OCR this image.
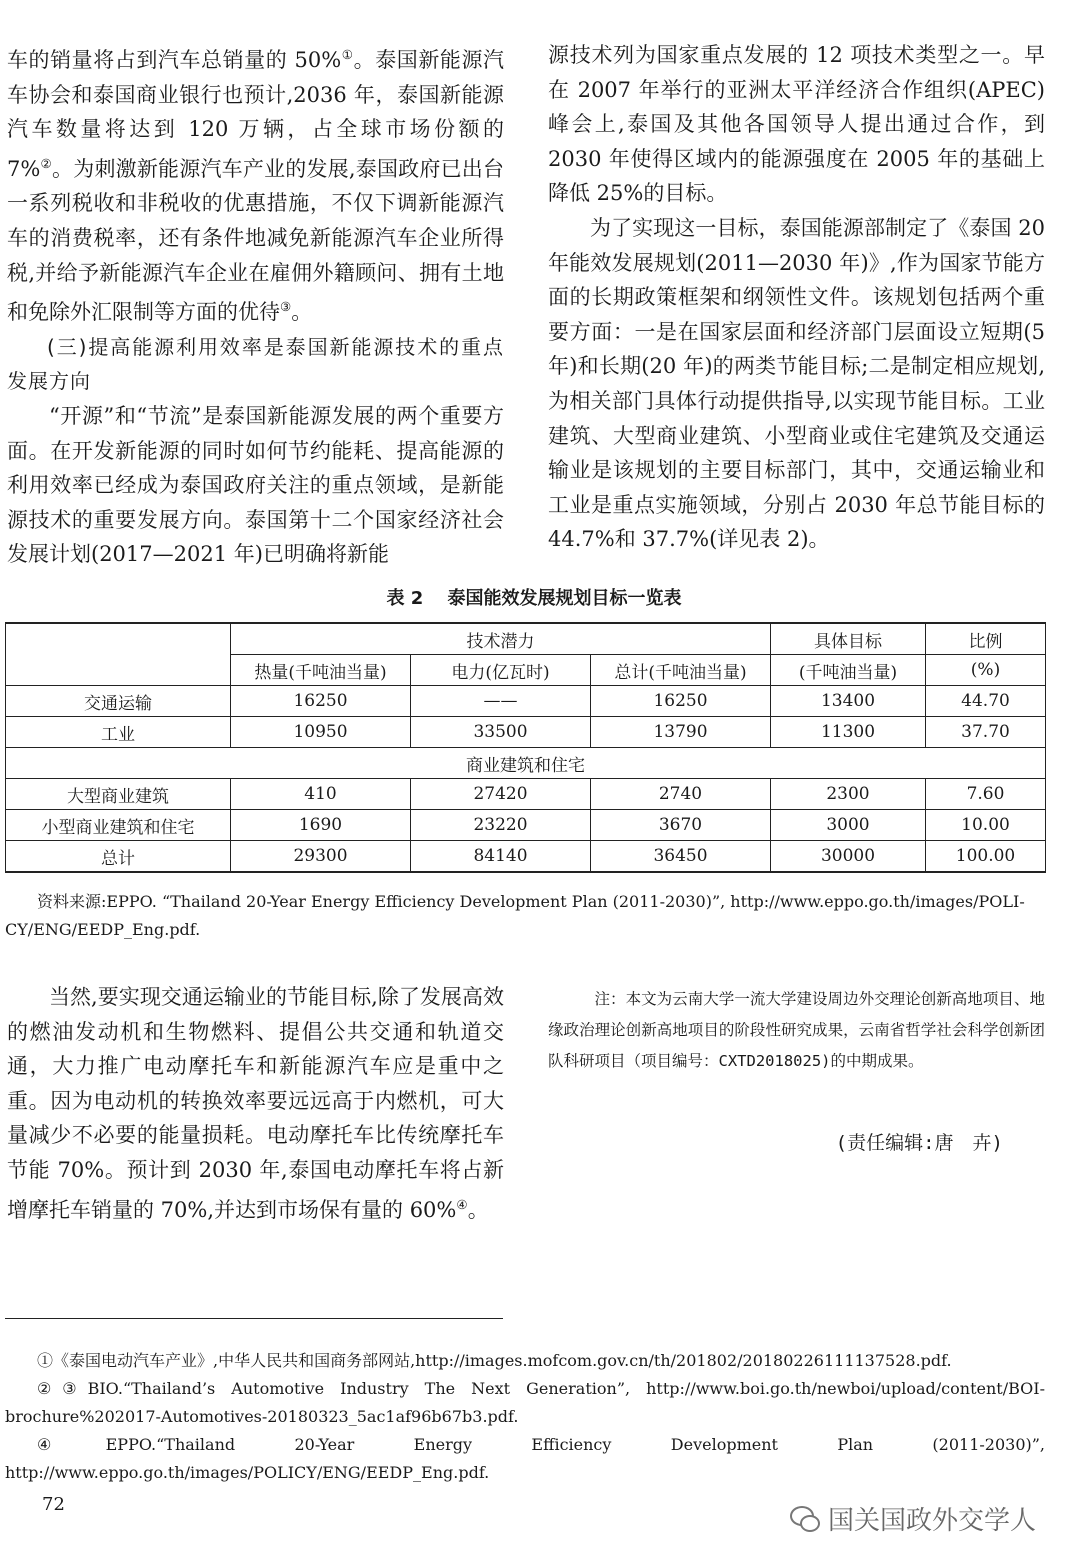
车的销量将占到汽车总销量的 50%①。泰国新能源汽车协会和泰国商业银行也预计,2036 年，泰国新能源汽车数量将达到 120 万辆，占全球市场份额的 7%②。为刺激新能源汽车产业的发展,泰国政府已出台一系列税收和非税收的优惠措施，不仅下调新能源汽车的消费税率，还有条件地减免新能源汽车企业所得税,并给予新能源汽车企业在雇佣外籍顾问、拥有土地和免除外汇限制等方面的优待③。

(三)提高能源利用效率是泰国新能源技术的重点发展方向

“开源”和“节流”是泰国新能源发展的两个重要方面。在开发新能源的同时如何节约能耗、提高能源的利用效率已经成为泰国政府关注的重点领域，是新能源技术的重要发展方向。泰国第十二个国家经济社会发展计划(2017—2021 年)已明确将新能

源技术列为国家重点发展的 12 项技术类型之一。早在 2007 年举行的亚洲太平洋经济合作组织(APEC)峰会上,泰国及其他各国领导人提出通过合作，到 2030 年使得区域内的能源强度在 2005 年的基础上降低 25%的目标。

为了实现这一目标，泰国能源部制定了《泰国 20 年能效发展规划(2011—2030 年)》,作为国家节能方面的长期政策框架和纲领性文件。该规划包括两个重要方面：一是在国家层面和经济部门层面设立短期(5 年)和长期(20 年)的两类节能目标;二是制定相应规划,为相关部门具体行动提供指导,以实现节能目标。工业建筑、大型商业建筑、小型商业或住宅建筑及交通运输业是该规划的主要目标部门，其中，交通运输业和工业是重点实施领域，分别占 2030 年总节能目标的 44.7%和 37.7%(详见表 2)。

表 2　 泰国能效发展规划目标一览表
	技术潜力			具体目标	比例
	热量(千吨油当量)	电力(亿瓦时)	总计(千吨油当量)	(千吨油当量)	(%)
交通运输	16250	——	16250	13400	44.70
工业	10950	33500	13790	11300	37.70
商业建筑和住宅					
大型商业建筑	410	27420	2740	2300	7.60
小型商业建筑和住宅	1690	23220	3670	3000	10.00
总计	29300	84140	36450	30000	100.00
资料来源:EPPO. “Thailand 20-Year Energy Efficiency Development Plan (2011-2030)”, http://www.eppo.go.th/images/POLI-
CY/ENG/EEDP_Eng.pdf.

当然,要实现交通运输业的节能目标,除了发展高效的燃油发动机和生物燃料、提倡公共交通和轨道交通，大力推广电动摩托车和新能源汽车应是重中之重。因为电动机的转换效率要远远高于内燃机，可大量减少不必要的能量损耗。电动摩托车比传统摩托车节能 70%。预计到 2030 年,泰国电动摩托车将占新增摩托车销量的 70%,并达到市场保有量的 60%④。

注：本文为云南大学一流大学建设周边外交理论创新高地项目、地缘政治理论创新高地项目的阶段性研究成果，云南省哲学社会科学创新团队科研项目（项目编号：CXTD2018025)的中期成果。
(责任编辑:唐　卉)

①《泰国电动汽车产业》,中华人民共和国商务部网站,http://images.mofcom.gov.cn/th/201802/20180226111137528.pdf.

②③BIO.“Thailand’s Automotive Industry The Next Generation”, http://www.boi.go.th/newboi/upload/content/BOI-brochure%202017-Automotives-20180323_5ac1af96b67b3.pdf.

④EPPO.“Thailand 20-Year Energy Efficiency Development Plan (2011-2030)”, http://www.eppo.go.th/images/POLICY/ENG/EEDP_Eng.pdf.

72
国关国政外交学人
